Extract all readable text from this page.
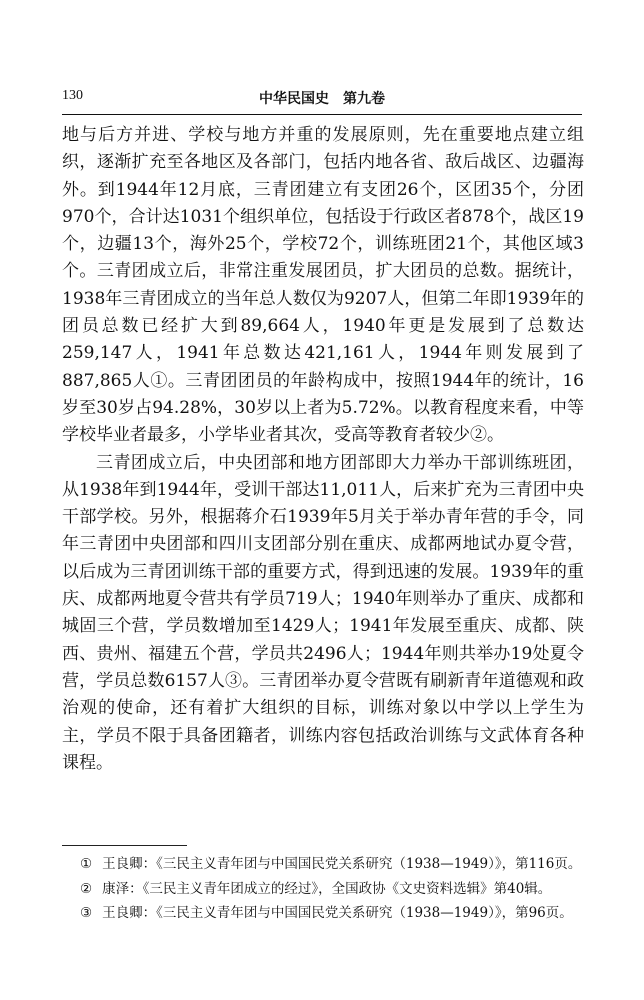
130	中华民国史　第九卷

地与后方并进、学校与地方并重的发展原则，先在重要地点建立组织，逐渐扩充至各地区及各部门，包括内地各省、敌后战区、边疆海外。到1944年12月底，三青团建立有支团26个，区团35个，分团970个，合计达1031个组织单位，包括设于行政区者878个，战区19个，边疆13个，海外25个，学校72个，训练班团21个，其他区域3个。三青团成立后，非常注重发展团员，扩大团员的总数。据统计，1938年三青团成立的当年总人数仅为9207人，但第二年即1939年的团员总数已经扩大到89,664人，1940年更是发展到了总数达259,147人，1941年总数达421,161人，1944年则发展到了887,865人①。三青团团员的年龄构成中，按照1944年的统计，16岁至30岁占94.28%，30岁以上者为5.72%。以教育程度来看，中等学校毕业者最多，小学毕业者其次，受高等教育者较少②。

三青团成立后，中央团部和地方团部即大力举办干部训练班团，从1938年到1944年，受训干部达11,011人，后来扩充为三青团中央干部学校。另外，根据蒋介石1939年5月关于举办青年营的手令，同年三青团中央团部和四川支团部分别在重庆、成都两地试办夏令营，以后成为三青团训练干部的重要方式，得到迅速的发展。1939年的重庆、成都两地夏令营共有学员719人；1940年则举办了重庆、成都和城固三个营，学员数增加至1429人；1941年发展至重庆、成都、陕西、贵州、福建五个营，学员共2496人；1944年则共举办19处夏令营，学员总数6157人③。三青团举办夏令营既有刷新青年道德观和政治观的使命，还有着扩大组织的目标，训练对象以中学以上学生为主，学员不限于具备团籍者，训练内容包括政治训练与文武体育各种课程。

① 王良卿：《三民主义青年团与中国国民党关系研究（1938—1949）》，第116页。

② 康泽：《三民主义青年团成立的经过》，全国政协《文史资料选辑》第40辑。

③ 王良卿：《三民主义青年团与中国国民党关系研究（1938—1949）》，第96页。
